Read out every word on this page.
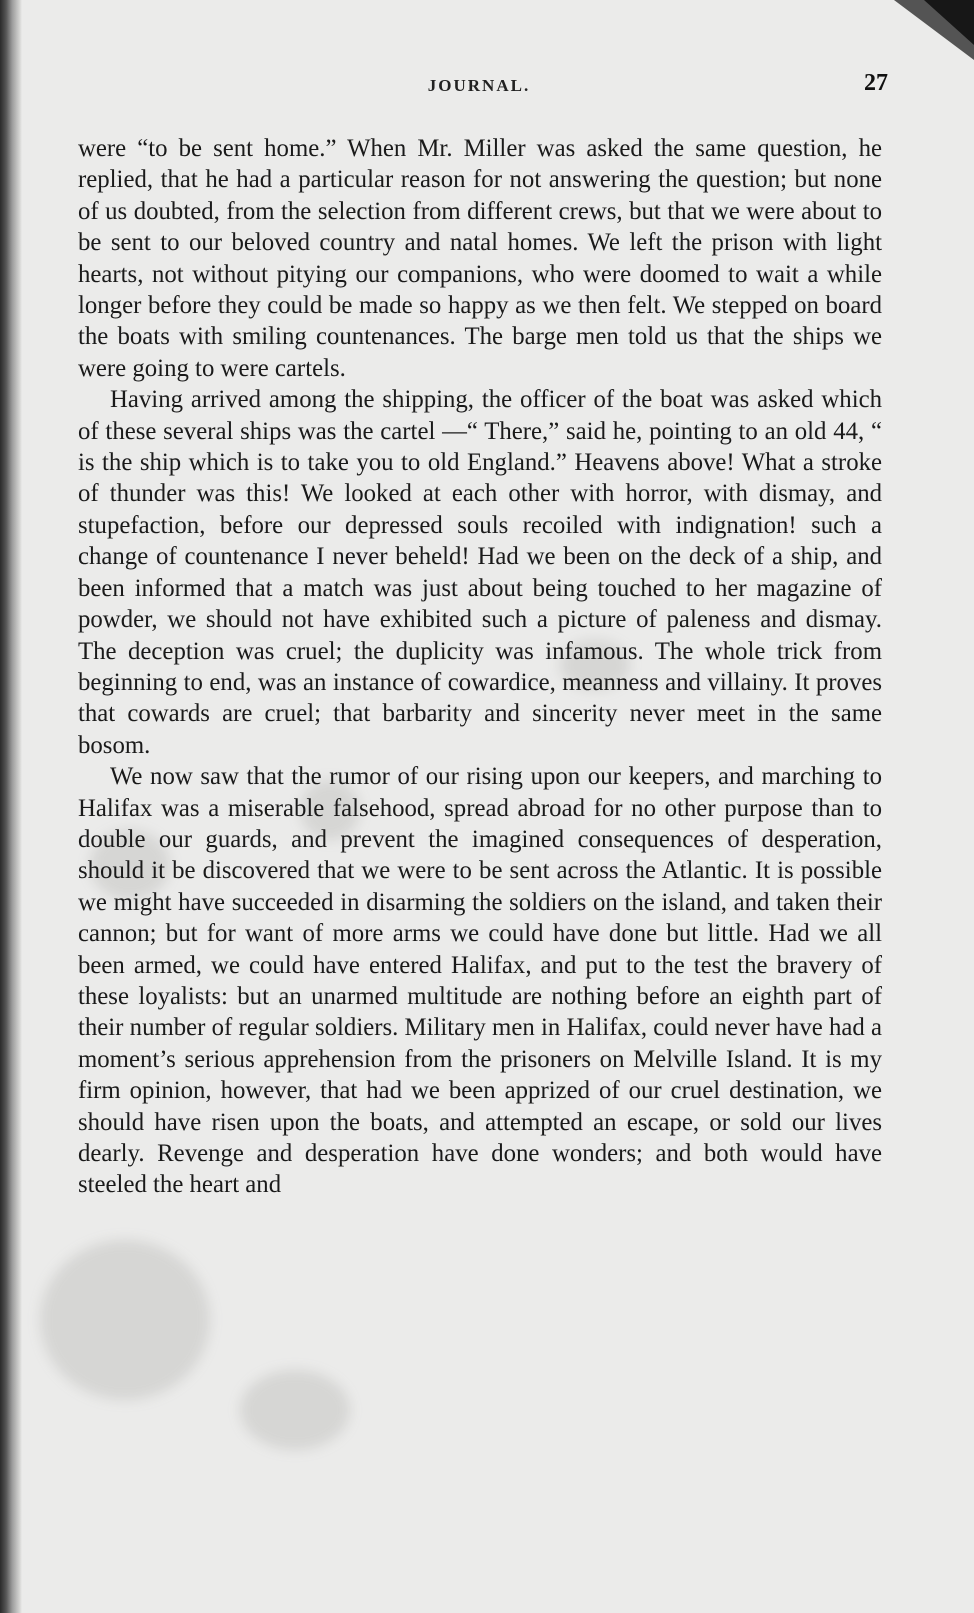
JOURNAL.	27

were “to be sent home.” When Mr. Miller was asked the same question, he replied, that he had a particular reason for not answering the question; but none of us doubted, from the selection from different crews, but that we were about to be sent to our beloved country and natal homes. We left the prison with light hearts, not without pitying our companions, who were doomed to wait a while longer before they could be made so happy as we then felt. We stepped on board the boats with smiling countenances. The barge men told us that the ships we were going to were cartels.

Having arrived among the shipping, the officer of the boat was asked which of these several ships was the cartel —“ There,” said he, pointing to an old 44, “ is the ship which is to take you to old England.” Heavens above! What a stroke of thunder was this! We looked at each other with horror, with dismay, and stupefaction, before our depressed souls recoiled with indignation! such a change of countenance I never beheld! Had we been on the deck of a ship, and been informed that a match was just about being touched to her magazine of powder, we should not have exhibited such a picture of paleness and dismay. The deception was cruel; the duplicity was infamous. The whole trick from beginning to end, was an instance of cowardice, meanness and villainy. It proves that cowards are cruel; that barbarity and sincerity never meet in the same bosom.

We now saw that the rumor of our rising upon our keepers, and marching to Halifax was a miserable falsehood, spread abroad for no other purpose than to double our guards, and prevent the imagined consequences of desperation, should it be discovered that we were to be sent across the Atlantic. It is possible we might have succeeded in disarming the soldiers on the island, and taken their cannon; but for want of more arms we could have done but little. Had we all been armed, we could have entered Halifax, and put to the test the bravery of these loyalists: but an unarmed multitude are nothing before an eighth part of their number of regular soldiers. Military men in Halifax, could never have had a moment’s serious apprehension from the prisoners on Melville Island. It is my firm opinion, however, that had we been apprized of our cruel destination, we should have risen upon the boats, and attempted an escape, or sold our lives dearly. Revenge and desperation have done wonders; and both would have steeled the heart and
